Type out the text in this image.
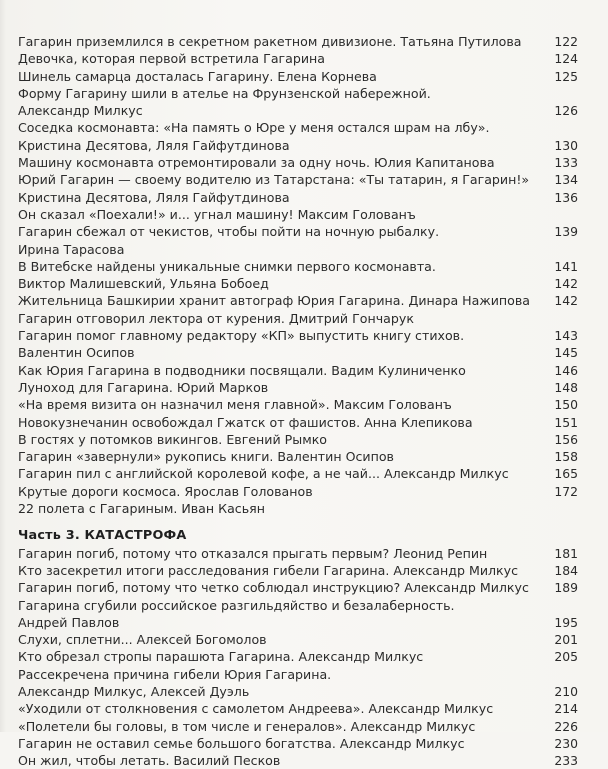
Гагарин приземлился в секретном ракетном дивизионе. Татьяна Путилова	122
Девочка, которая первой встретила Гагарина	124
Шинель самарца досталась Гагарину. Елена Корнева	125
Форму Гагарину шили в ателье на Фрунзенской набережной.
Александр Милкус	126
Соседка космонавта: «На память о Юре у меня остался шрам на лбу».
Кристина Десятова, Ляля Гайфутдинова	130
Машину космонавта отремонтировали за одну ночь. Юлия Капитанова	133
Юрий Гагарин — своему водителю из Татарстана: «Ты татарин, я Гагарин!»	134
Кристина Десятова, Ляля Гайфутдинова	136
Он сказал «Поехали!» и... угнал машину! Максим Голованъ
Гагарин сбежал от чекистов, чтобы пойти на ночную рыбалку.	139
Ирина Тарасова
В Витебске найдены уникальные снимки первого космонавта.	141
Виктор Малишевский, Ульяна Бобоед	142
Жительница Башкирии хранит автограф Юрия Гагарина. Динара Нажипова	142
Гагарин отговорил лектора от курения. Дмитрий Гончарук
Гагарин помог главному редактору «КП» выпустить книгу стихов.	143
Валентин Осипов	145
Как Юрия Гагарина в подводники посвящали. Вадим Кулиниченко	146
Луноход для Гагарина. Юрий Марков	148
«На время визита он назначил меня главной». Максим Голованъ	150
Новокузнечанин освобождал Гжатск от фашистов. Анна Клепикова	151
В гостях у потомков викингов. Евгений Рымко	156
Гагарин «завернули» рукопись книги. Валентин Осипов	158
Гагарин пил с английской королевой кофе, а не чай... Александр Милкус	165
Крутые дороги космоса. Ярослав Голованов	172
22 полета с Гагариным. Иван Касьян
Часть 3. КАТАСТРОФА
Гагарин погиб, потому что отказался прыгать первым? Леонид Репин	181
Кто засекретил итоги расследования гибели Гагарина. Александр Милкус	184
Гагарин погиб, потому что четко соблюдал инструкцию? Александр Милкус	189
Гагарина сгубили российское разгильдяйство и безалаберность.
Андрей Павлов	195
Слухи, сплетни... Алексей Богомолов	201
Кто обрезал стропы парашюта Гагарина. Александр Милкус	205
Рассекречена причина гибели Юрия Гагарина.
Александр Милкус, Алексей Дуэль	210
«Уходили от столкновения с самолетом Андреева». Александр Милкус	214
«Полетели бы головы, в том числе и генералов». Александр Милкус	226
Гагарин не оставил семье большого богатства. Александр Милкус	230
Он жил, чтобы летать. Василий Песков	233
